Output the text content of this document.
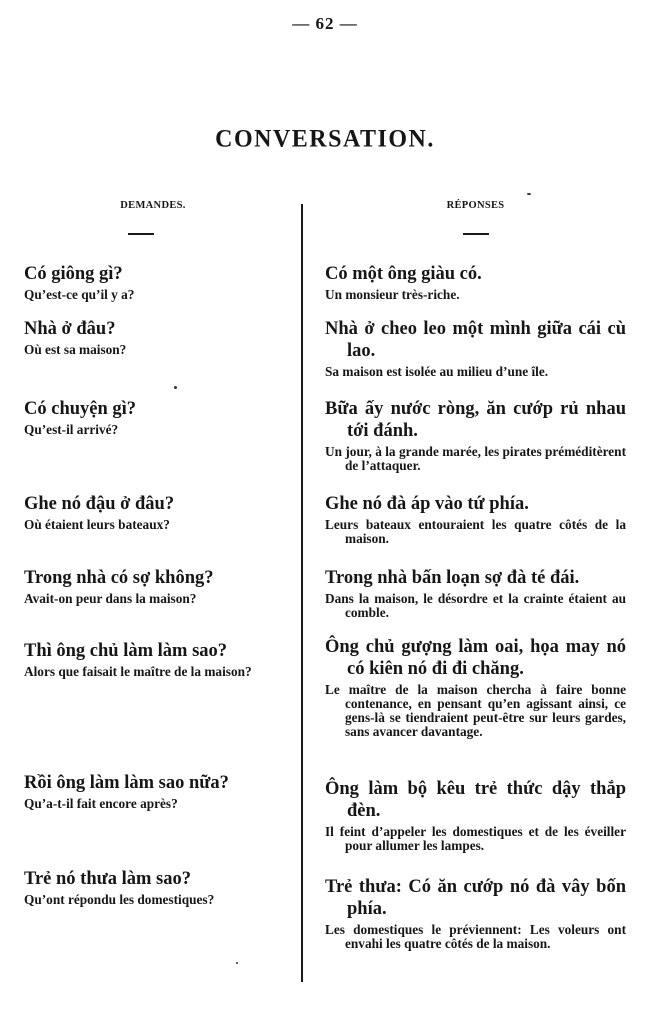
— 62 —
CONVERSATION.
DEMANDES.
Có giông gì?
Qu’est-ce qu’il y a?
Nhà ở đâu?
Où est sa maison?
Có chuyện gì?
Qu’est-il arrivé?
Ghe nó đậu ở đâu?
Où étaient leurs bateaux?
Trong nhà có sợ không?
Avait-on peur dans la maison?
Thì ông chủ làm làm sao?
Alors que faisait le maître de la maison?
Rồi ông làm làm sao nữa?
Qu’a-t-il fait encore après?
Trẻ nó thưa làm sao?
Qu’ont répondu les domestiques?
RÉPONSES
Có một ông giàu có.
Un monsieur très-riche.
Nhà ở cheo leo một mình giữa cái cù lao.
Sa maison est isolée au milieu d’une île.
Bữa ấy nước ròng, ăn cướp rủ nhau tới đánh.
Un jour, à la grande marée, les pirates préméditèrent de l’attaquer.
Ghe nó đà áp vào tứ phía.
Leurs bateaux entouraient les quatre côtés de la maison.
Trong nhà bấn loạn sợ đà té đái.
Dans la maison, le désordre et la crainte étaient au comble.
Ông chủ gượng làm oai, họa may nó có kiên nó đi đi chăng.
Le maître de la maison chercha à faire bonne contenance, en pensant qu’en agissant ainsi, ce gens-là se tiendraient peut-être sur leurs gardes, sans avancer davantage.
Ông làm bộ kêu trẻ thức dậy thắp đèn.
Il feint d’appeler les domestiques et de les éveiller pour allumer les lampes.
Trẻ thưa: Có ăn cướp nó đà vây bốn phía.
Les domestiques le préviennent: Les voleurs ont envahi les quatre côtés de la maison.
